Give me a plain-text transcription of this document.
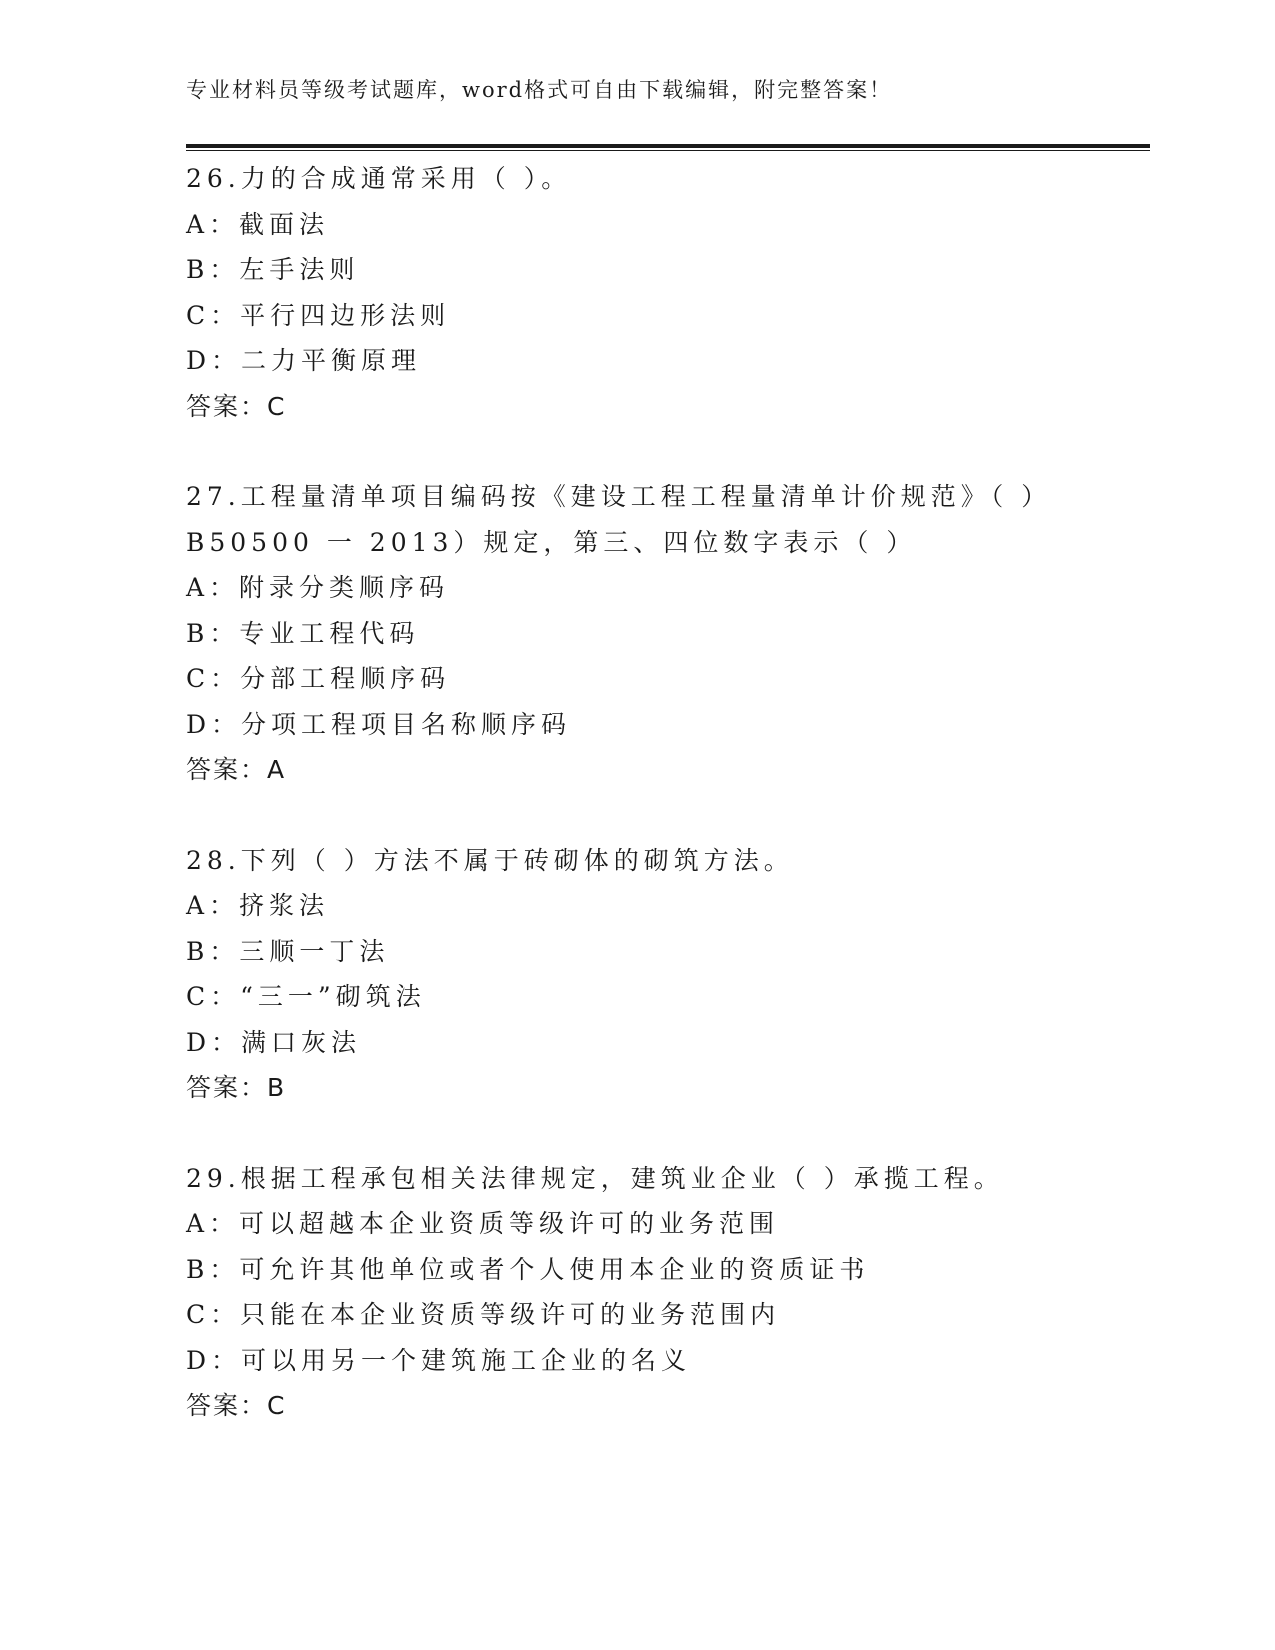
专业材料员等级考试题库，word格式可自由下载编辑，附完整答案！
26.力的合成通常采用（ ）。
A：截面法
B：左手法则
C：平行四边形法则
D：二力平衡原理
答案：C
27.工程量清单项目编码按《建设工程工程量清单计价规范》（ ）
B50500 一 2013）规定，第三、四位数字表示（ ）
A：附录分类顺序码
B：专业工程代码
C：分部工程顺序码
D：分项工程项目名称顺序码
答案：A
28.下列（ ）方法不属于砖砌体的砌筑方法。
A：挤浆法
B：三顺一丁法
C：“三一”砌筑法
D：满口灰法
答案：B
29.根据工程承包相关法律规定，建筑业企业（ ）承揽工程。
A：可以超越本企业资质等级许可的业务范围
B：可允许其他单位或者个人使用本企业的资质证书
C：只能在本企业资质等级许可的业务范围内
D：可以用另一个建筑施工企业的名义
答案：C
